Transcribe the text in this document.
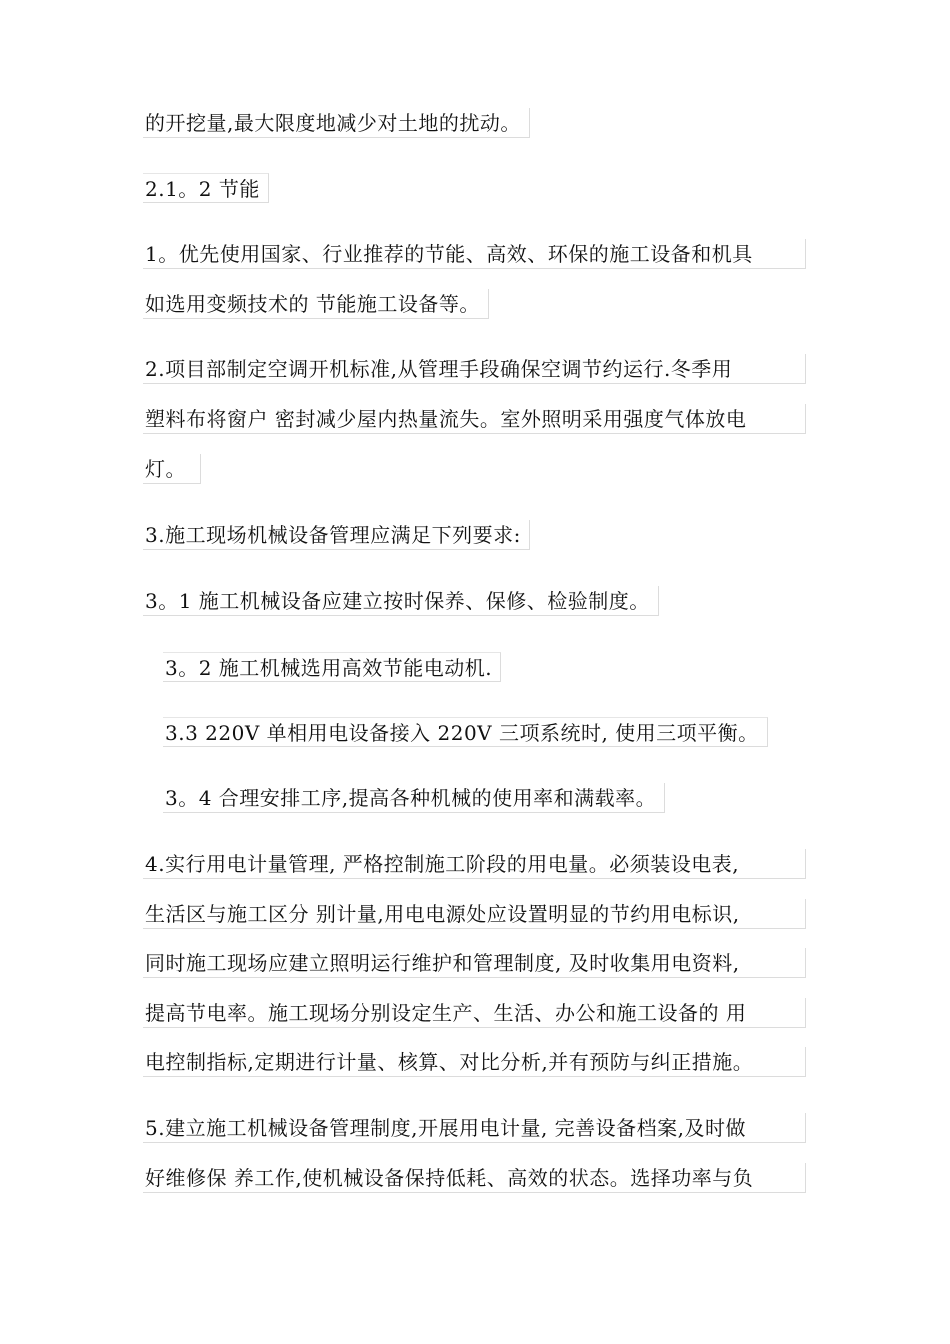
的开挖量,最大限度地减少对土地的扰动。
2.1。2 节能
1。优先使用国家、行业推荐的节能、高效、环保的施工设备和机具
如选用变频技术的 节能施工设备等。
2.项目部制定空调开机标准,从管理手段确保空调节约运行.冬季用
塑料布将窗户 密封减少屋内热量流失。室外照明采用强度气体放电
灯。
3.施工现场机械设备管理应满足下列要求:
3。1 施工机械设备应建立按时保养、保修、检验制度。
3。2 施工机械选用高效节能电动机.
3.3 220V 单相用电设备接入 220V 三项系统时, 使用三项平衡。
3。4 合理安排工序,提高各种机械的使用率和满载率。
4.实行用电计量管理, 严格控制施工阶段的用电量。必须装设电表,
生活区与施工区分 别计量,用电电源处应设置明显的节约用电标识,
同时施工现场应建立照明运行维护和管理制度, 及时收集用电资料,
提高节电率。施工现场分别设定生产、生活、办公和施工设备的 用
电控制指标,定期进行计量、核算、对比分析,并有预防与纠正措施。
5.建立施工机械设备管理制度,开展用电计量, 完善设备档案,及时做
好维修保 养工作,使机械设备保持低耗、高效的状态。选择功率与负
